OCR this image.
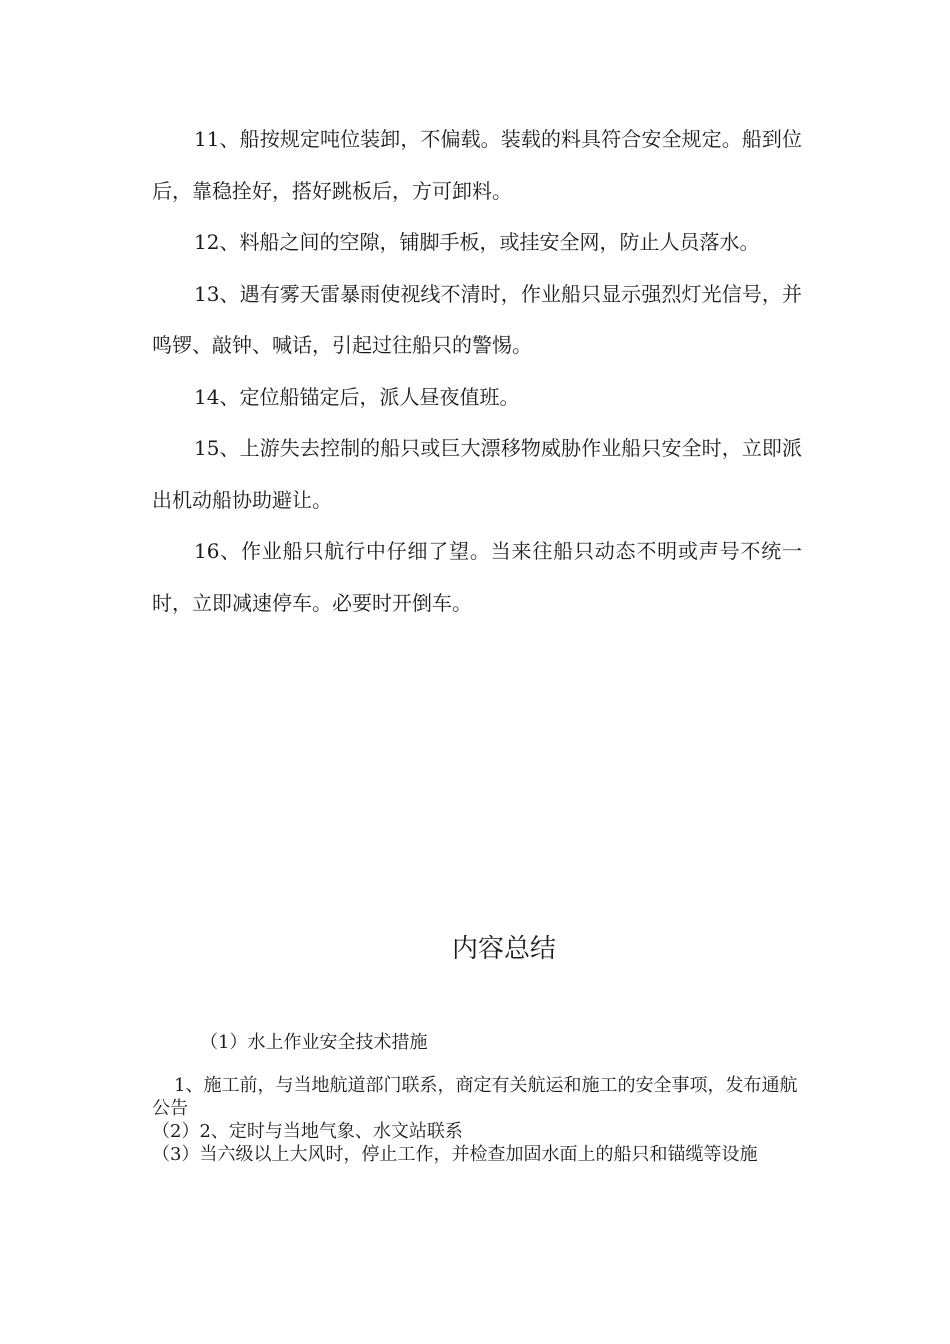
11、船按规定吨位装卸，不偏载。装载的料具符合安全规定。船到位后，靠稳拴好，搭好跳板后，方可卸料。

12、料船之间的空隙，铺脚手板，或挂安全网，防止人员落水。

13、遇有雾天雷暴雨使视线不清时，作业船只显示强烈灯光信号，并鸣锣、敲钟、喊话，引起过往船只的警惕。

14、定位船锚定后，派人昼夜值班。

15、上游失去控制的船只或巨大漂移物威胁作业船只安全时，立即派出机动船协助避让。

16、作业船只航行中仔细了望。当来往船只动态不明或声号不统一时，立即减速停车。必要时开倒车。

内容总结

（1）水上作业安全技术措施

1、施工前，与当地航道部门联系，商定有关航运和施工的安全事项，发布通航公告

（2）2、定时与当地气象、水文站联系

（3）当六级以上大风时，停止工作，并检查加固水面上的船只和锚缆等设施
